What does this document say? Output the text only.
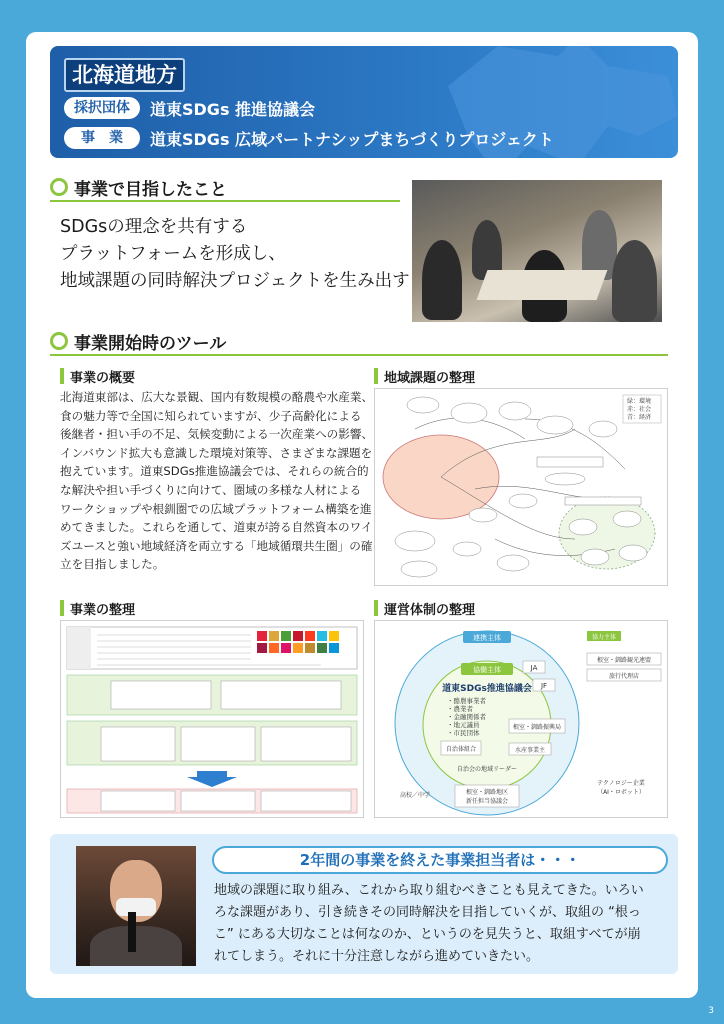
北海道地方
採択団体	道東SDGs 推進協議会
事　業	道東SDGs 広域パートナシップまちづくりプロジェクト
事業で目指したこと
SDGsの理念を共有する
プラットフォームを形成し、
地域課題の同時解決プロジェクトを生み出す
事業開始時のツール
事業の概要
北海道東部は、広大な景観、国内有数規模の酪農や水産業、
食の魅力等で全国に知られていますが、少子高齢化による
後継者・担い手の不足、気候変動による一次産業への影響、
インバウンド拡大も意識した環境対策等、さまざまな課題を
抱えています。道東SDGs推進協議会では、それらの統合的
な解決や担い手づくりに向けて、圏域の多様な人材による
ワークショップや根釧圏での広域プラットフォーム構築を進
めてきました。これらを通して、道東が誇る自然資本のワイ
ズユースと強い地域経済を両立する「地域循環共生圏」の確
立を目指しました。
地域課題の整理
緑：環境
赤：社会
青：経済
事業の整理	運営体制の整理
連携主体
協働主体
道東SDGs推進協議会
・酪農事業者
・農業者
・金融関係者
・地元議員
・市民団体
根室・釧路振興局
自治体組合	水産事業主
自治会の地域リーダー
JA
JF
根室・釧路地区
新任担当協議会
協力主体
根室・釧路観光連盟
旅行代理店
テクノロジー企業
（AI・ロボット）
高校／中学
2年間の事業を終えた事業担当者は・・・
地域の課題に取り組み、これから取り組むべきことも見えてきた。いろい
ろな課題があり、引き続きその同時解決を目指していくが、取組の “根っ
こ” にある大切なことは何なのか、というのを見失うと、取組すべてが崩
れてしまう。それに十分注意しながら進めていきたい。
3
